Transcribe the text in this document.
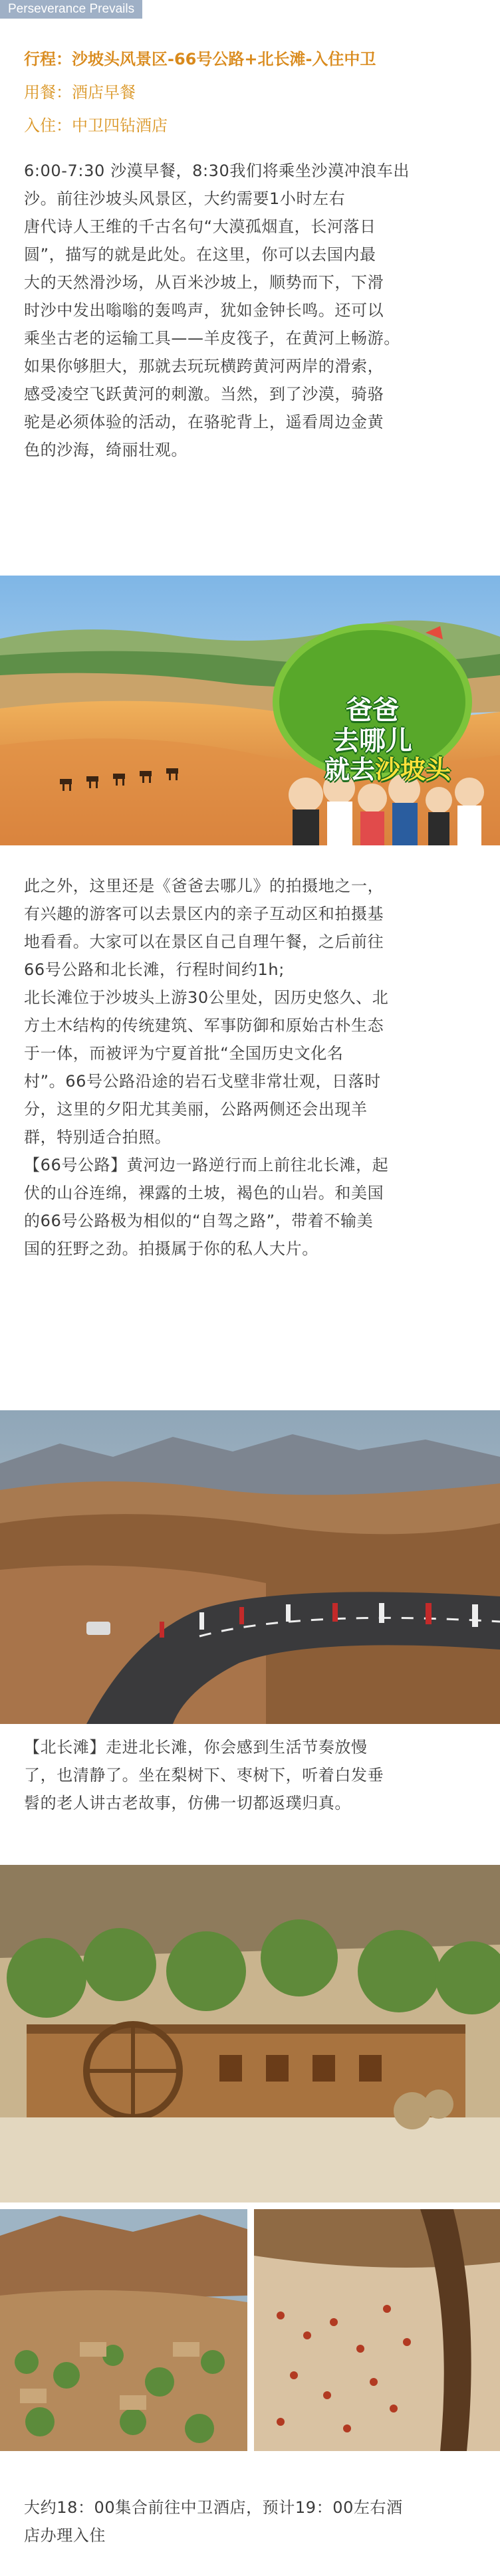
Perseverance Prevails
行程：沙坡头风景区-66号公路+北长滩-入住中卫
用餐：酒店早餐
入住：中卫四钻酒店

6:00-7:30 沙漠早餐，8:30我们将乘坐沙漠冲浪车出

沙。前往沙坡头风景区，大约需要1小时左右

唐代诗人王维的千古名句“大漠孤烟直，长河落日

圆”，描写的就是此处。在这里，你可以去国内最

大的天然滑沙场，从百米沙坡上，顺势而下，下滑

时沙中发出嗡嗡的轰鸣声，犹如金钟长鸣。还可以

乘坐古老的运输工具——羊皮筏子，在黄河上畅游。

如果你够胆大，那就去玩玩横跨黄河两岸的滑索，

感受凌空飞跃黄河的刺激。当然，到了沙漠，骑骆

驼是必须体验的活动，在骆驼背上，遥看周边金黄

色的沙海，绮丽壮观。

爸爸
去哪儿
就去沙坡头

此之外，这里还是《爸爸去哪儿》的拍摄地之一，

有兴趣的游客可以去景区内的亲子互动区和拍摄基

地看看。大家可以在景区自己自理午餐，之后前往

66号公路和北长滩，行程时间约1h;

北长滩位于沙坡头上游30公里处，因历史悠久、北

方土木结构的传统建筑、军事防御和原始古朴生态

于一体，而被评为宁夏首批“全国历史文化名

村”。66号公路沿途的岩石戈壁非常壮观，日落时

分，这里的夕阳尤其美丽，公路两侧还会出现羊

群，特别适合拍照。

【66号公路】黄河边一路逆行而上前往北长滩，起

伏的山谷连绵，裸露的土坡，褐色的山岩。和美国

的66号公路极为相似的“自驾之路”，带着不输美

国的狂野之劲。拍摄属于你的私人大片。

【北长滩】走进北长滩，你会感到生活节奏放慢

了，也清静了。坐在梨树下、枣树下，听着白发垂

髫的老人讲古老故事，仿佛一切都返璞归真。

大约18：00集合前往中卫酒店，预计19：00左右酒

店办理入住
